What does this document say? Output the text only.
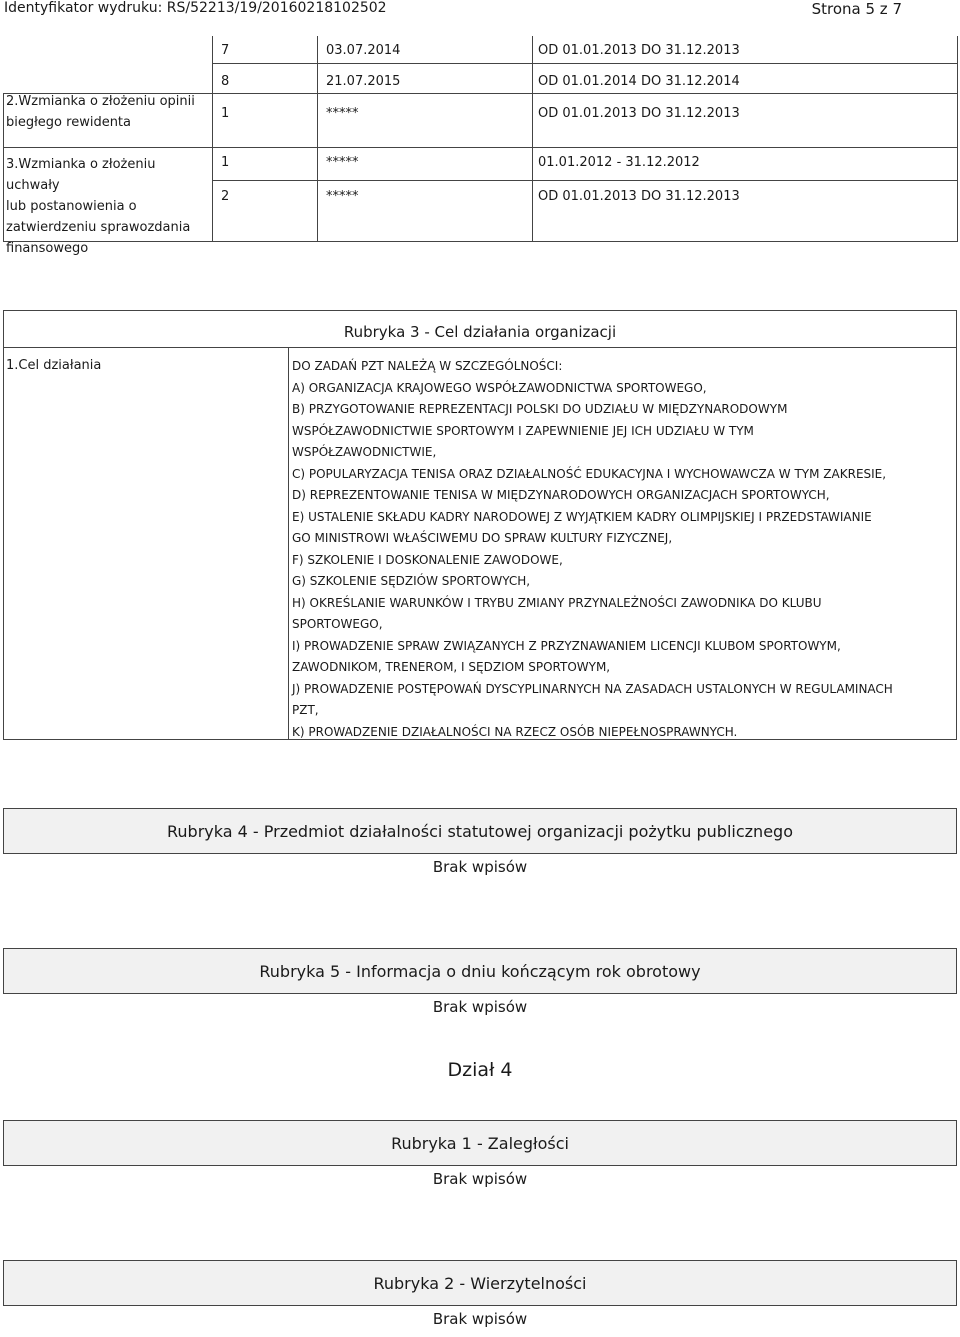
Identyfikator wydruku: RS/52213/19/20160218102502	Strona 5 z 7
7	03.07.2014	OD 01.01.2013 DO 31.12.2013
8	21.07.2015	OD 01.01.2014 DO 31.12.2014
2.Wzmianka o złożeniu opinii
biegłego rewidenta
1	*****	OD 01.01.2013 DO 31.12.2013
3.Wzmianka o złożeniu uchwały
lub postanowienia o
zatwierdzeniu sprawozdania
finansowego
1	*****	01.01.2012 - 31.12.2012
2	*****	OD 01.01.2013 DO 31.12.2013
Rubryka 3 - Cel działania organizacji
1.Cel działania	DO ZADAŃ PZT NALEŻĄ W SZCZEGÓLNOŚCI:
A) ORGANIZACJA KRAJOWEGO WSPÓŁZAWODNICTWA SPORTOWEGO,
B) PRZYGOTOWANIE REPREZENTACJI POLSKI DO UDZIAŁU W MIĘDZYNARODOWYM
WSPÓŁZAWODNICTWIE SPORTOWYM I ZAPEWNIENIE JEJ ICH UDZIAŁU W TYM
WSPÓŁZAWODNICTWIE,
C) POPULARYZACJA TENISA ORAZ DZIAŁALNOŚĆ EDUKACYJNA I WYCHOWAWCZA W TYM ZAKRESIE,
D) REPREZENTOWANIE TENISA W MIĘDZYNARODOWYCH ORGANIZACJACH SPORTOWYCH,
E) USTALENIE SKŁADU KADRY NARODOWEJ Z WYJĄTKIEM KADRY OLIMPIJSKIEJ I PRZEDSTAWIANIE
GO MINISTROWI WŁAŚCIWEMU DO SPRAW KULTURY FIZYCZNEJ,
F) SZKOLENIE I DOSKONALENIE ZAWODOWE,
G) SZKOLENIE SĘDZIÓW SPORTOWYCH,
H) OKREŚLANIE WARUNKÓW I TRYBU ZMIANY PRZYNALEŻNOŚCI ZAWODNIKA DO KLUBU
SPORTOWEGO,
I) PROWADZENIE SPRAW ZWIĄZANYCH Z PRZYZNAWANIEM LICENCJI KLUBOM SPORTOWYM,
ZAWODNIKOM, TRENEROM, I SĘDZIOM SPORTOWYM,
J) PROWADZENIE POSTĘPOWAŃ DYSCYPLINARNYCH NA ZASADACH USTALONYCH W REGULAMINACH
PZT,
K) PROWADZENIE DZIAŁALNOŚCI NA RZECZ OSÓB NIEPEŁNOSPRAWNYCH.
Rubryka 4 - Przedmiot działalności statutowej organizacji pożytku publicznego
Brak wpisów
Rubryka 5 - Informacja o dniu kończącym rok obrotowy
Brak wpisów
Dział 4
Rubryka 1 - Zaległości
Brak wpisów
Rubryka 2 - Wierzytelności
Brak wpisów
